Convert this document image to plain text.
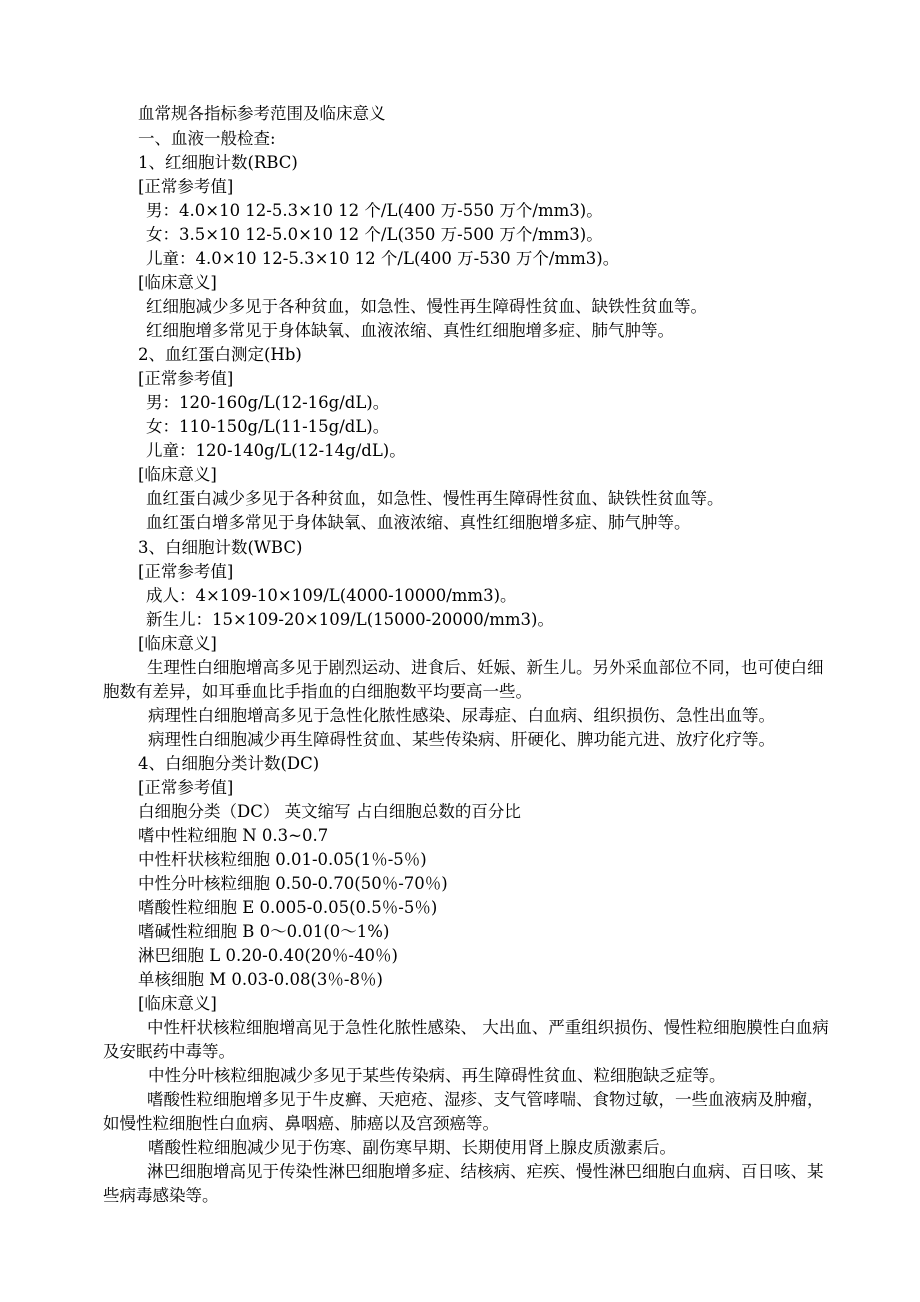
血常规各指标参考范围及临床意义
一、血液一般检查:
1、红细胞计数(RBC)
[正常参考值]
男：4.0×10 12-5.3×10 12 个/L(400 万-550 万个/mm3)。
女：3.5×10 12-5.0×10 12 个/L(350 万-500 万个/mm3)。
儿童：4.0×10 12-5.3×10 12 个/L(400 万-530 万个/mm3)。
[临床意义]
红细胞减少多见于各种贫血，如急性、慢性再生障碍性贫血、缺铁性贫血等。
红细胞增多常见于身体缺氧、血液浓缩、真性红细胞增多症、肺气肿等。
2、血红蛋白测定(Hb)
[正常参考值]
男：120-160g/L(12-16g/dL)。
女：110-150g/L(11-15g/dL)。
儿童：120-140g/L(12-14g/dL)。
[临床意义]
血红蛋白减少多见于各种贫血，如急性、慢性再生障碍性贫血、缺铁性贫血等。
血红蛋白增多常见于身体缺氧、血液浓缩、真性红细胞增多症、肺气肿等。
3、白细胞计数(WBC)
[正常参考值]
成人：4×109-10×109/L(4000-10000/mm3)。
新生儿：15×109-20×109/L(15000-20000/mm3)。
[临床意义]
生理性白细胞增高多见于剧烈运动、进食后、妊娠、新生儿。另外采血部位不同，也可使白细胞数有差异，如耳垂血比手指血的白细胞数平均要高一些。
病理性白细胞增高多见于急性化脓性感染、尿毒症、白血病、组织损伤、急性出血等。
病理性白细胞减少再生障碍性贫血、某些传染病、肝硬化、脾功能亢进、放疗化疗等。
4、白细胞分类计数(DC)
[正常参考值]
白细胞分类（DC） 英文缩写 占白细胞总数的百分比
嗜中性粒细胞 N 0.3~0.7
中性杆状核粒细胞 0.01-0.05(1％-5％)
中性分叶核粒细胞 0.50-0.70(50％-70％)
嗜酸性粒细胞 E 0.005-0.05(0.5％-5％)
嗜碱性粒细胞 B 0～0.01(0～1%)
淋巴细胞 L 0.20-0.40(20％-40％)
单核细胞 M 0.03-0.08(3％-8％)
[临床意义]
中性杆状核粒细胞增高见于急性化脓性感染、 大出血、严重组织损伤、慢性粒细胞膜性白血病及安眠药中毒等。
中性分叶核粒细胞减少多见于某些传染病、再生障碍性贫血、粒细胞缺乏症等。
嗜酸性粒细胞增多见于牛皮癣、天疤疮、湿疹、支气管哮喘、食物过敏，一些血液病及肿瘤，如慢性粒细胞性白血病、鼻咽癌、肺癌以及宫颈癌等。
嗜酸性粒细胞减少见于伤寒、副伤寒早期、长期使用肾上腺皮质激素后。
淋巴细胞增高见于传染性淋巴细胞增多症、结核病、疟疾、慢性淋巴细胞白血病、百日咳、某些病毒感染等。
